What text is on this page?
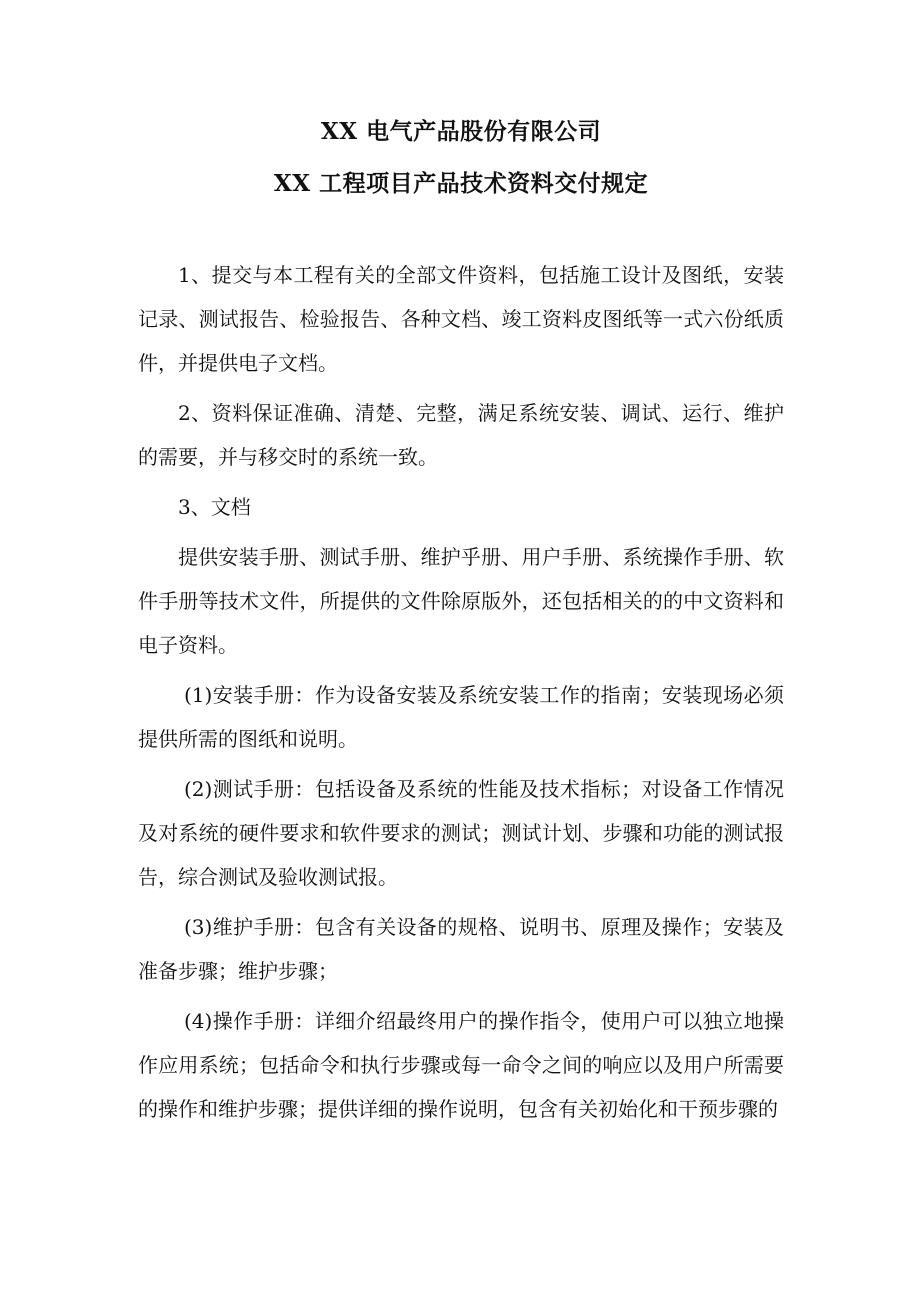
XX 电气产品股份有限公司
XX 工程项目产品技术资料交付规定

1、提交与本工程有关的全部文件资料，包括施工设计及图纸，安装记录、测试报告、检验报告、各种文档、竣工资料皮图纸等一式六份纸质件，并提供电子文档。

2、资料保证准确、清楚、完整，满足系统安装、调试、运行、维护的需要，并与移交时的系统一致。

3、文档

提供安装手册、测试手册、维护乎册、用户手册、系统操作手册、软件手册等技术文件，所提供的文件除原版外，还包括相关的的中文资料和电子资料。

(1)安装手册：作为设备安装及系统安装工作的指南；安装现场必须提供所需的图纸和说明。

(2)测试手册：包括设备及系统的性能及技术指标；对设备工作情况及对系统的硬件要求和软件要求的测试；测试计划、步骤和功能的测试报告，综合测试及验收测试报。

(3)维护手册：包含有关设备的规格、说明书、原理及操作；安装及准备步骤；维护步骤；

(4)操作手册：详细介绍最终用户的操作指令，使用户可以独立地操作应用系统；包括命令和执行步骤或每一命令之间的响应以及用户所需要的操作和维护步骤；提供详细的操作说明，包含有关初始化和干预步骤的
